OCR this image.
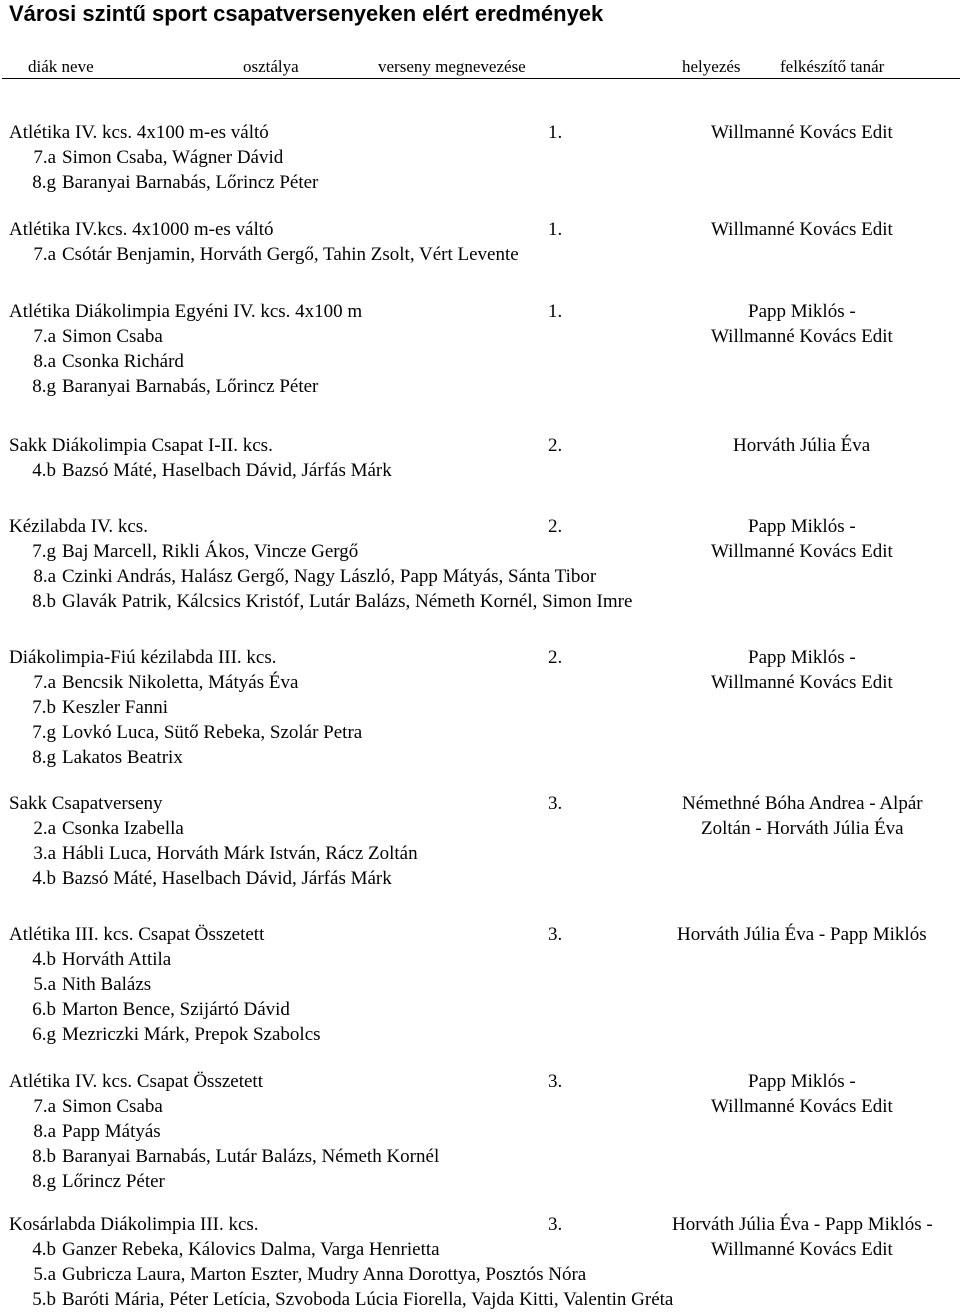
Városi szintű sport csapatversenyeken elért eredmények
diák neve	osztálya	verseny megnevezése	helyezés felkészítő tanár
Atlétika IV. kcs. 4x100 m-es váltó	1.	Willmanné Kovács Edit
7.a Simon Csaba, Wágner Dávid
8.g Baranyai Barnabás, Lőrincz Péter
Atlétika IV.kcs. 4x1000 m-es váltó	1.	Willmanné Kovács Edit
7.a Csótár Benjamin, Horváth Gergő, Tahin Zsolt, Vért Levente
Atlétika Diákolimpia Egyéni IV. kcs. 4x100 m	1.	Papp Miklós -
Willmanné Kovács Edit
7.a Simon Csaba
8.a Csonka Richárd
8.g Baranyai Barnabás, Lőrincz Péter
Sakk Diákolimpia Csapat I-II. kcs.	2.	Horváth Júlia Éva
4.b Bazsó Máté, Haselbach Dávid, Járfás Márk
Kézilabda IV. kcs.	2.	Papp Miklós -
Willmanné Kovács Edit
7.g Baj Marcell, Rikli Ákos, Vincze Gergő
8.a Czinki András, Halász Gergő, Nagy László, Papp Mátyás, Sánta Tibor
8.b Glavák Patrik, Kálcsics Kristóf, Lutár Balázs, Németh Kornél, Simon Imre
Diákolimpia-Fiú kézilabda III. kcs.	2.	Papp Miklós -
Willmanné Kovács Edit
7.a Bencsik Nikoletta, Mátyás Éva
7.b Keszler Fanni
7.g Lovkó Luca, Sütő Rebeka, Szolár Petra
8.g Lakatos Beatrix
Sakk Csapatverseny	3.	Némethné Bóha Andrea - Alpár
Zoltán - Horváth Júlia Éva
2.a Csonka Izabella
3.a Hábli Luca, Horváth Márk István, Rácz Zoltán
4.b Bazsó Máté, Haselbach Dávid, Járfás Márk
Atlétika III. kcs. Csapat Összetett	3.	Horváth Júlia Éva - Papp Miklós
4.b Horváth Attila
5.a Nith Balázs
6.b Marton Bence, Szijártó Dávid
6.g Mezriczki Márk, Prepok Szabolcs
Atlétika IV. kcs. Csapat Összetett	3.	Papp Miklós -
Willmanné Kovács Edit
7.a Simon Csaba
8.a Papp Mátyás
8.b Baranyai Barnabás, Lutár Balázs, Németh Kornél
8.g Lőrincz Péter
Kosárlabda Diákolimpia III. kcs.	3.	Horváth Júlia Éva - Papp Miklós -
Willmanné Kovács Edit
4.b Ganzer Rebeka, Kálovics Dalma, Varga Henrietta
5.a Gubricza Laura, Marton Eszter, Mudry Anna Dorottya, Posztós Nóra
5.b Baróti Mária, Péter Letícia, Szvoboda Lúcia Fiorella, Vajda Kitti, Valentin Gréta
